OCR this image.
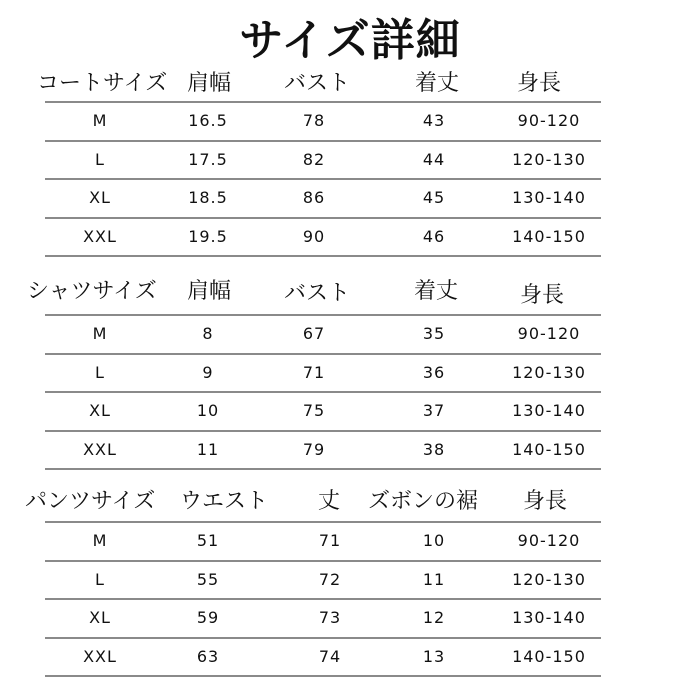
サイズ詳細
コートサイズ 肩幅 バスト	着丈	身長
M	16.5	78	43	90-120
L	17.5	82	44	120-130
XL	18.5	86	45	130-140
XXL	19.5	90	46	140-150
シャツサイズ 肩幅 バスト	着丈	身長
M	8	67	35	90-120
L	9	71	36	120-130
XL	10	75	37	130-140
XXL	11	79	38	140-150
パンツサイズ ウエスト 丈 ズボンの裾 身長
M	51	71	10	90-120
L	55	72	11	120-130
XL	59	73	12	130-140
XXL	63	74	13	140-150
